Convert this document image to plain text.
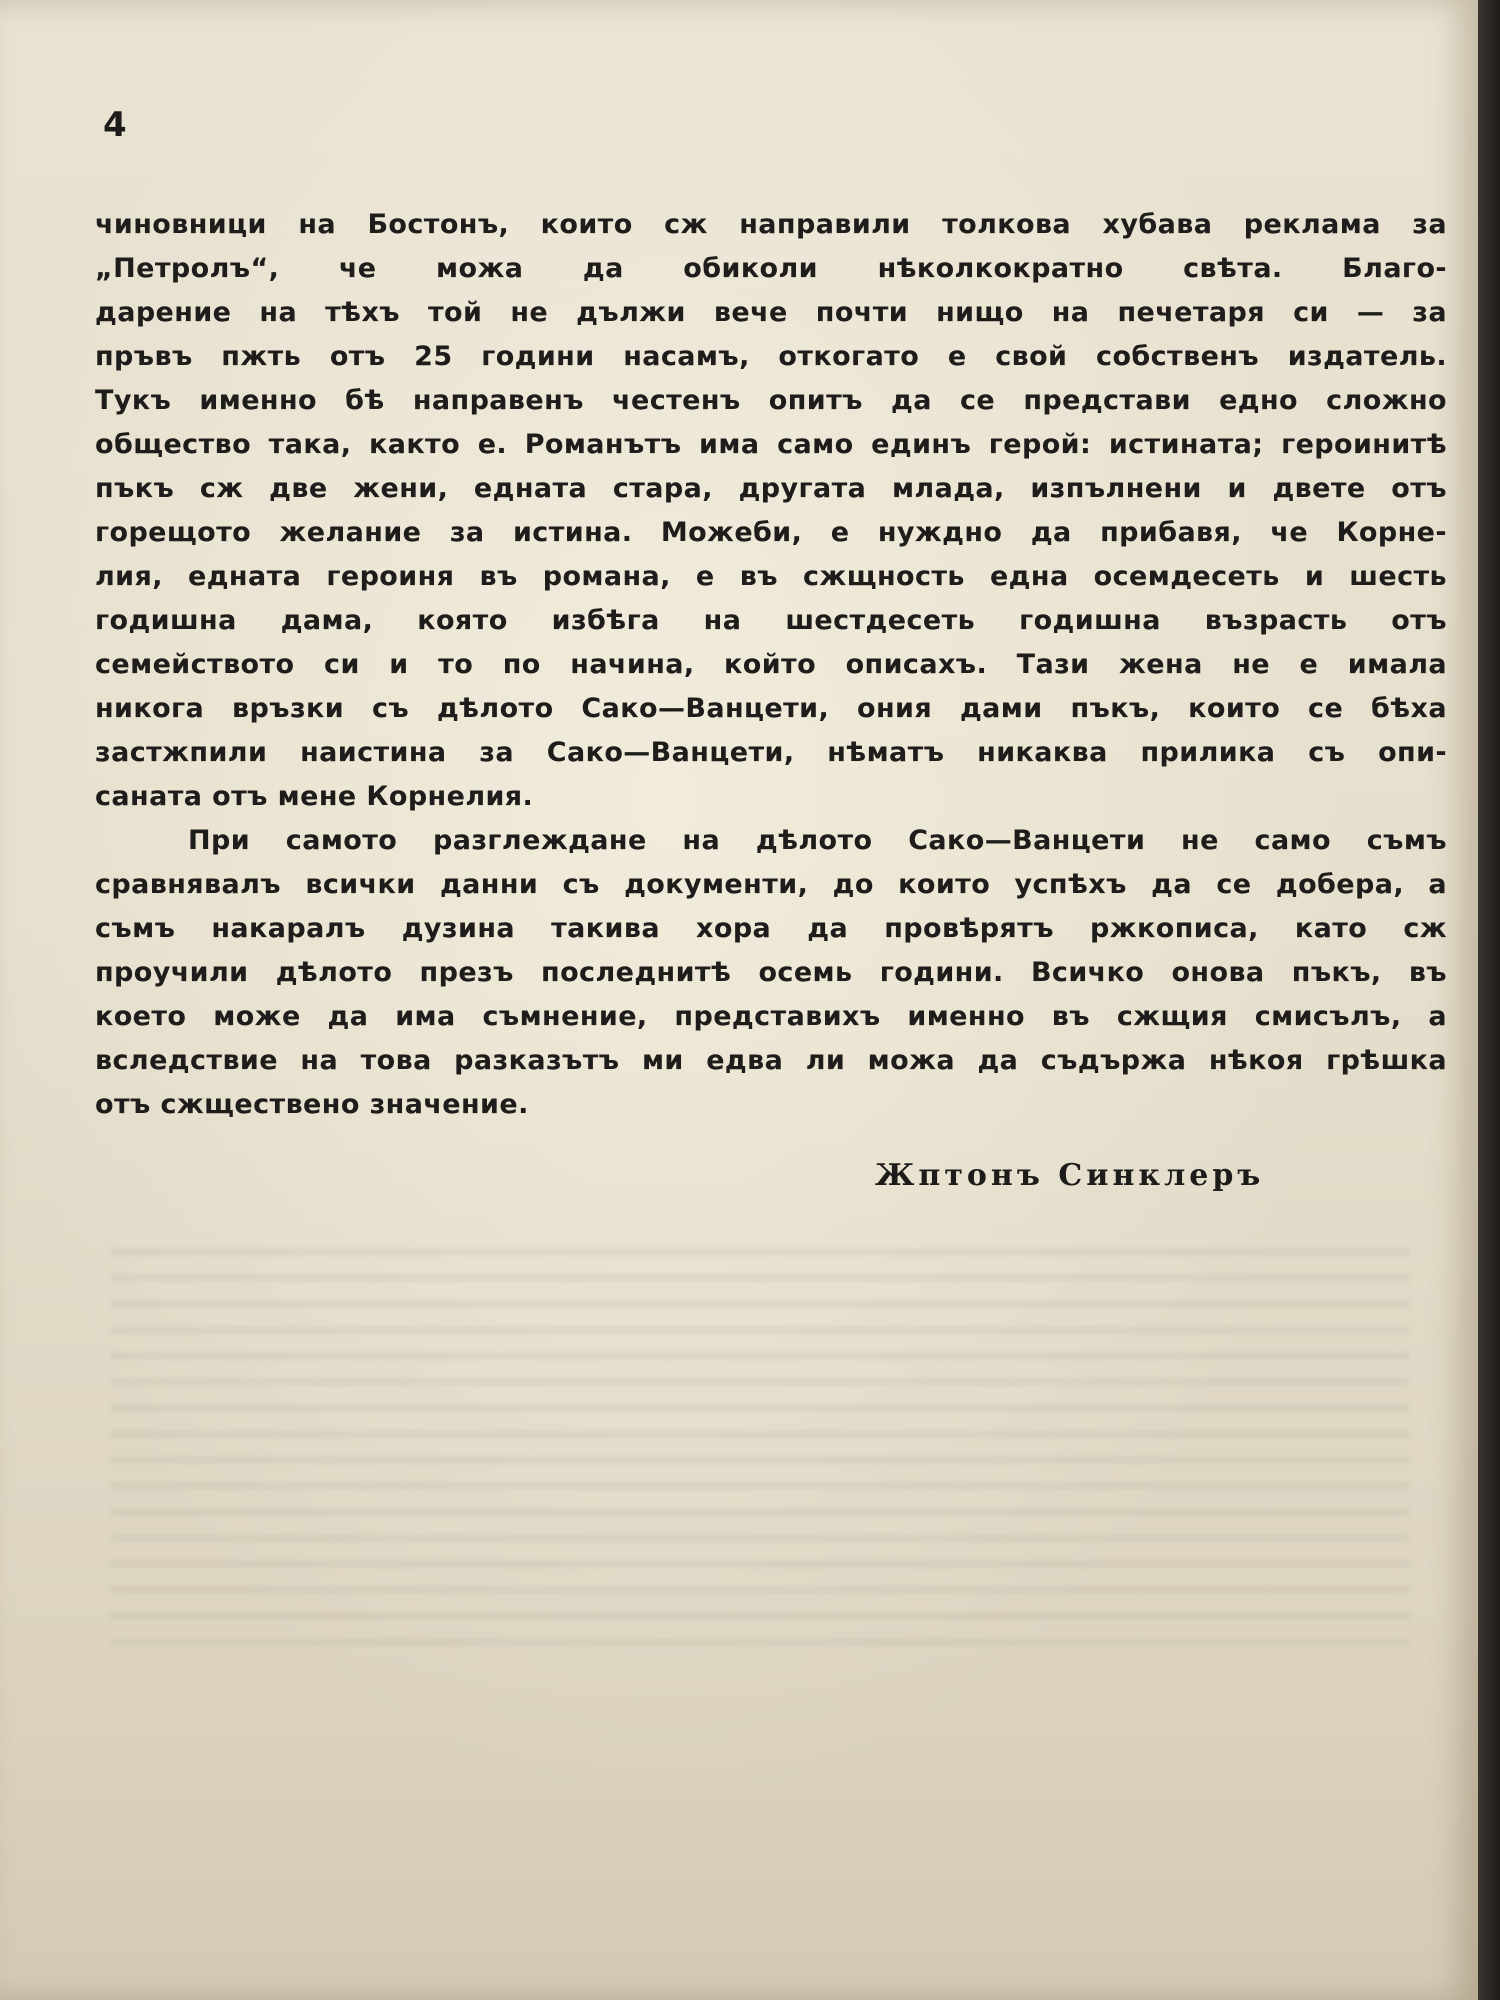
4
чиновници на Бостонъ, които сж направили толкова хубава реклама за
„Петролъ“, че можа да обиколи нѣколкократно свѣта. Благо-
дарение на тѣхъ той не дължи вече почти нищо на печетаря си — за
пръвъ пжть отъ 25 години насамъ, откогато е свой собственъ издатель.
Тукъ именно бѣ направенъ честенъ опитъ да се представи едно сложно
общество така, както е. Романътъ има само единъ герой: истината; героинитѣ
пъкъ сж две жени, едната стара, другата млада, изпълнени и двете отъ
горещото желание за истина. Можеби, е нуждно да прибавя, че Корне-
лия, едната героиня въ романа, е въ сжщность една осемдесеть и шесть
годишна дама, която избѣга на шестдесеть годишна възрасть отъ
семейството си и то по начина, който описахъ. Тази жена не е имала
никога връзки съ дѣлото Сако—Ванцети, ония дами пъкъ, които се бѣха
застжпили наистина за Сако—Ванцети, нѣматъ никаква прилика съ опи-
саната отъ мене Корнелия.
При самото разглеждане на дѣлото Сако—Ванцети не само съмъ
сравнявалъ всички данни съ документи, до които успѣхъ да се добера, а
съмъ накаралъ дузина такива хора да провѣрятъ ржкописа, като сж
проучили дѣлото презъ последнитѣ осемь години. Всичко онова пъкъ, въ
което може да има съмнение, представихъ именно въ сжщия смисълъ, а
вследствие на това разказътъ ми едва ли можа да съдържа нѣкоя грѣшка
отъ сжществено значение.
Жптонъ Синклеръ
